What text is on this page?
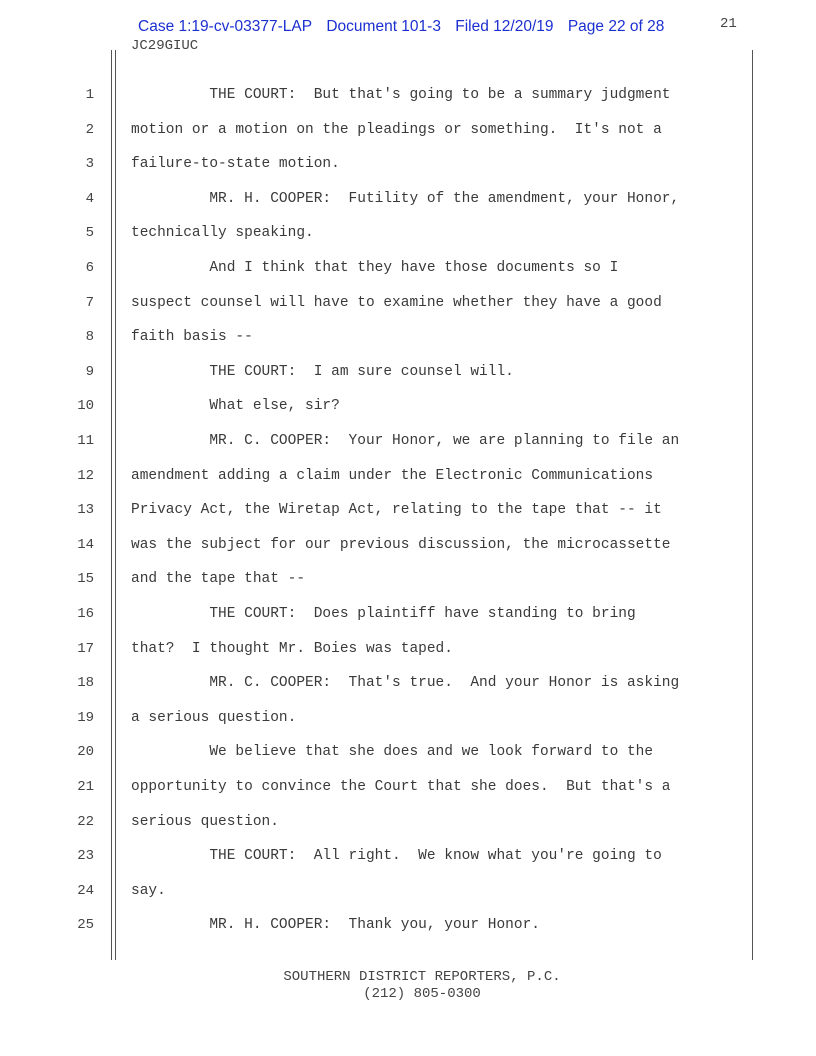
Case 1:19-cv-03377-LAP Document 101-3 Filed 12/20/19 Page 22 of 28	21
JC29GIUC
1	THE COURT:  But that's going to be a summary judgment
2	motion or a motion on the pleadings or something.  It's not a
3	failure-to-state motion.
4	MR. H. COOPER:  Futility of the amendment, your Honor,
5	technically speaking.
6	And I think that they have those documents so I
7	suspect counsel will have to examine whether they have a good
8	faith basis --
9	THE COURT:  I am sure counsel will.
10	What else, sir?
11	MR. C. COOPER:  Your Honor, we are planning to file an
12	amendment adding a claim under the Electronic Communications
13	Privacy Act, the Wiretap Act, relating to the tape that -- it
14	was the subject for our previous discussion, the microcassette
15	and the tape that --
16	THE COURT:  Does plaintiff have standing to bring
17	that?  I thought Mr. Boies was taped.
18	MR. C. COOPER:  That's true.  And your Honor is asking
19	a serious question.
20	We believe that she does and we look forward to the
21	opportunity to convince the Court that she does.  But that's a
22	serious question.
23	THE COURT:  All right.  We know what you're going to
24	say.
25	MR. H. COOPER:  Thank you, your Honor.
SOUTHERN DISTRICT REPORTERS, P.C.
(212) 805-0300
